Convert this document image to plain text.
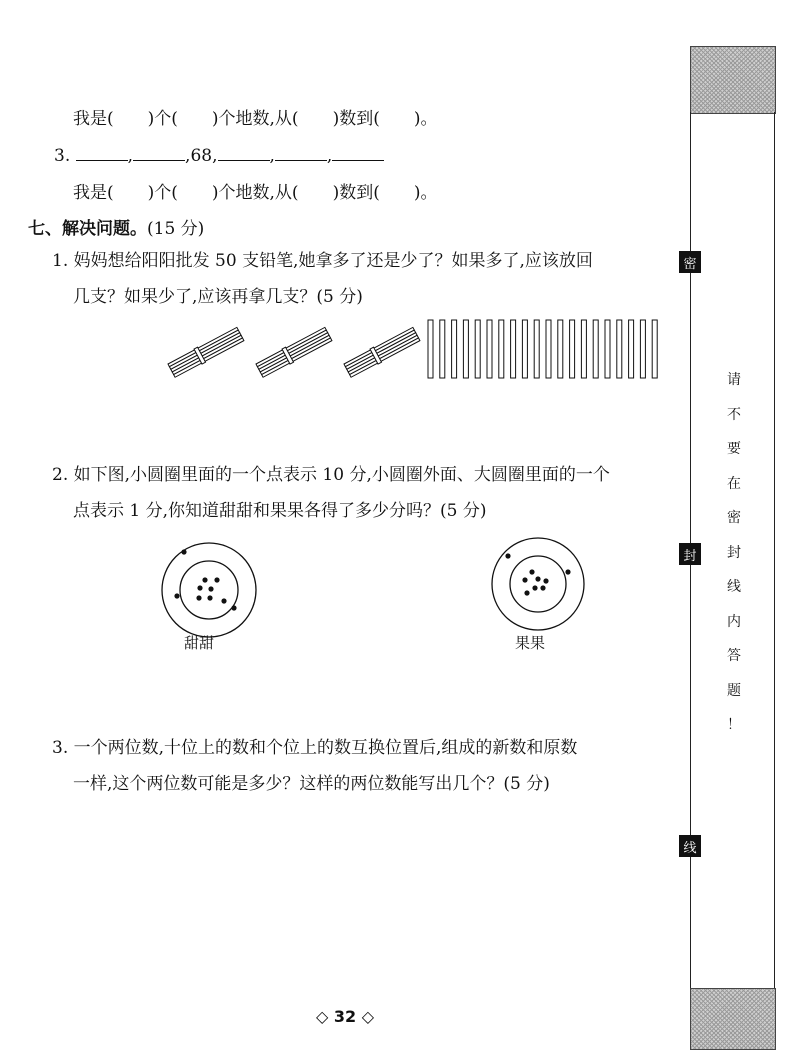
我是(　　)个(　　)个地数,从(　　)数到(　　)。
3.	,	,68,	,	,
我是(　　)个(　　)个地数,从(　　)数到(　　)。
七、解决问题。(15 分)
1. 妈妈想给阳阳批发 50 支铅笔,她拿多了还是少了？如果多了,应该放回
几支？如果少了,应该再拿几支？(5 分)
2. 如下图,小圆圈里面的一个点表示 10 分,小圆圈外面、大圆圈里面的一个
点表示 1 分,你知道甜甜和果果各得了多少分吗？(5 分)
甜甜	果果
3. 一个两位数,十位上的数和个位上的数互换位置后,组成的新数和原数
一样,这个两位数可能是多少？这样的两位数能写出几个？(5 分)
密
封
线
请
不
要
在
密
封
线
内
答
题
！
◇ 32 ◇
